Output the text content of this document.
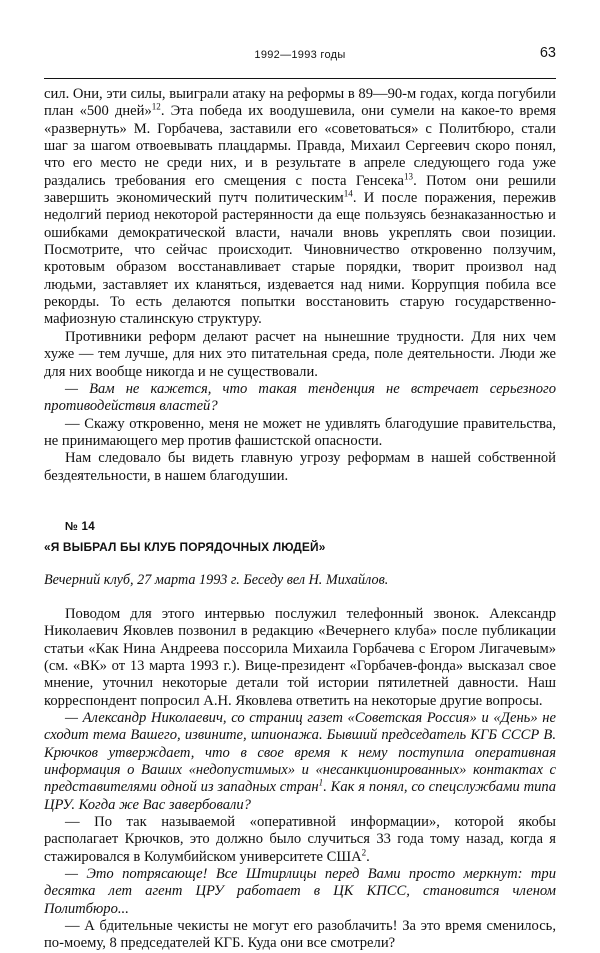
1992—1993 годы	63

сил. Они, эти силы, выиграли атаку на реформы в 89—90-м годах, когда погубили план «500 дней»$^{12}$. Эта победа их воодушевила, они сумели на какое-то время «развернуть» М. Горбачева, заставили его «советоваться» с Политбюро, стали шаг за шагом отвоевывать плацдармы. Правда, Михаил Сергеевич скоро понял, что его место не среди них, и в результате в апреле следующего года уже раздались требования его смещения с поста Генсека$^{13}$. Потом они решили завершить экономический путч политическим$^{14}$. И после поражения, пережив недолгий период некоторой растерянности да еще пользуясь безнаказанностью и ошибками демократической власти, начали вновь укреплять свои позиции. Посмотрите, что сейчас происходит. Чиновничество откровенно ползучим, кротовым образом восстанавливает старые порядки, творит произвол над людьми, заставляет их кланяться, издевается над ними. Коррупция побила все рекорды. То есть делаются попытки восстановить старую государственно-мафиозную сталинскую структуру.

Противники реформ делают расчет на нынешние трудности. Для них чем хуже — тем лучше, для них это питательная среда, поле деятельности. Люди же для них вообще никогда и не существовали.

— Вам не кажется, что такая тенденция не встречает серьезного противодействия властей?

— Скажу откровенно, меня не может не удивлять благодушие правительства, не принимающего мер против фашистской опасности.

Нам следовало бы видеть главную угрозу реформам в нашей собственной бездеятельности, в нашем благодушии.

№ 14
«Я ВЫБРАЛ БЫ КЛУБ ПОРЯДОЧНЫХ ЛЮДЕЙ»
Вечерний клуб, 27 марта 1993 г. Беседу вел Н. Михайлов.

Поводом для этого интервью послужил телефонный звонок. Александр Николаевич Яковлев позвонил в редакцию «Вечернего клуба» после публикации статьи «Как Нина Андреева поссорила Михаила Горбачева с Егором Лигачевым» (см. «ВК» от 13 марта 1993 г.). Вице-президент «Горбачев-фонда» высказал свое мнение, уточнил некоторые детали той истории пятилетней давности. Наш корреспондент попросил А.Н. Яковлева ответить на некоторые другие вопросы.

— Александр Николаевич, со страниц газет «Советская Россия» и «День» не сходит тема Вашего, извините, шпионажа. Бывший председатель КГБ СССР В. Крючков утверждает, что в свое время к нему поступила оперативная информация о Ваших «недопустимых» и «несанкционированных» контактах с представителями одной из западных стран$^1$. Как я понял, со спецслужбами типа ЦРУ. Когда же Вас завербовали?

— По так называемой «оперативной информации», которой якобы располагает Крючков, это должно было случиться 33 года тому назад, когда я стажировался в Колумбийском университете США$^2$.

— Это потрясающе! Все Штирлицы перед Вами просто меркнут: три десятка лет агент ЦРУ работает в ЦК КПСС, становится членом Политбюро...

— А бдительные чекисты не могут его разоблачить! За это время сменилось, по-моему, 8 председателей КГБ. Куда они все смотрели?
